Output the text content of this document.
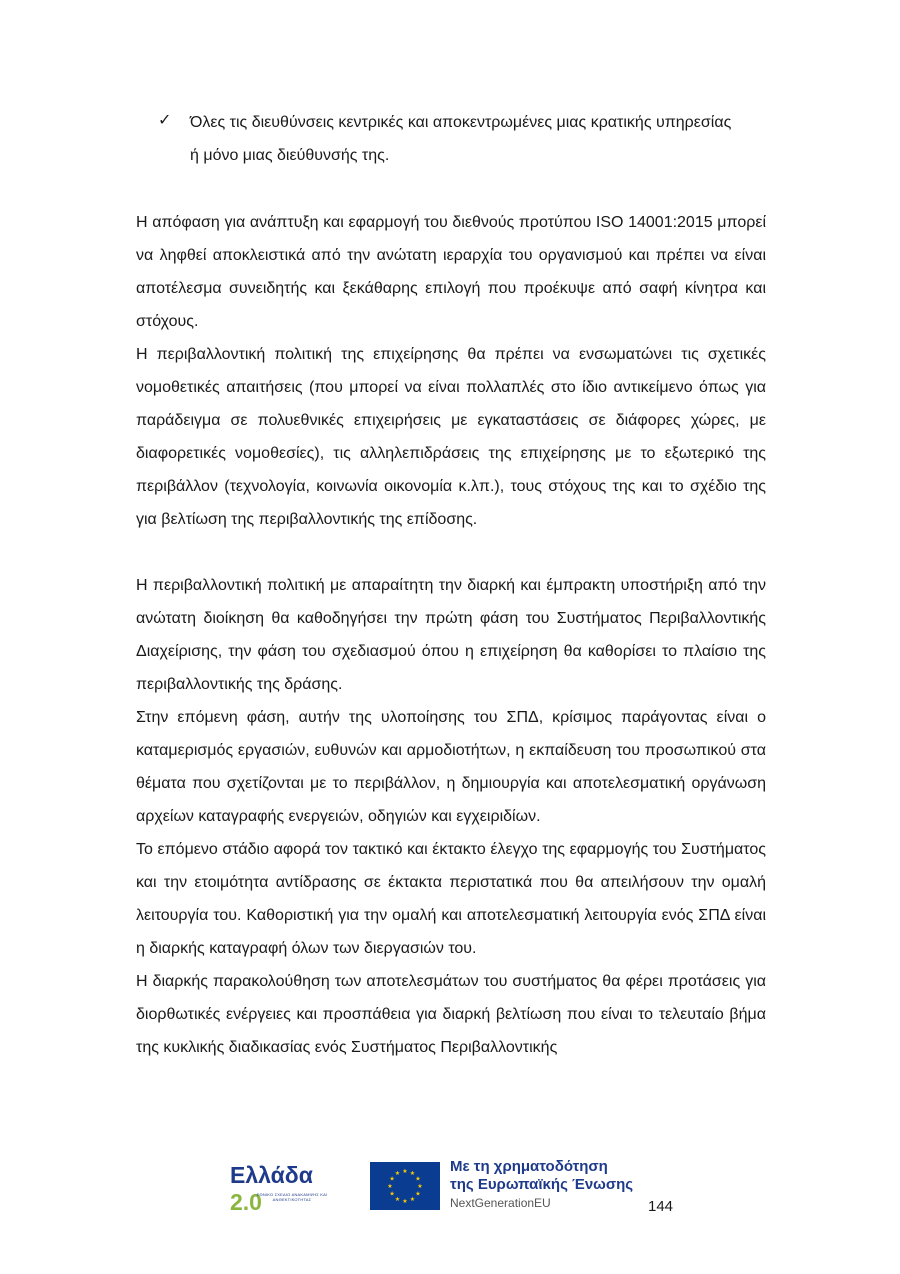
✓ Όλες τις διευθύνσεις κεντρικές και αποκεντρωμένες μιας κρατικής υπηρεσίας
ή μόνο μιας διεύθυνσής της.

Η απόφαση για ανάπτυξη και εφαρμογή του διεθνούς προτύπου ISO 14001:2015 μπορεί να ληφθεί αποκλειστικά από την ανώτατη ιεραρχία του οργανισμού και πρέπει να είναι αποτέλεσμα συνειδητής και ξεκάθαρης επιλογή που προέκυψε από σαφή κίνητρα και στόχους.

Η περιβαλλοντική πολιτική της επιχείρησης θα πρέπει να ενσωματώνει τις σχετικές νομοθετικές απαιτήσεις (που μπορεί να είναι πολλαπλές στο ίδιο αντικείμενο όπως για παράδειγμα σε πολυεθνικές επιχειρήσεις με εγκαταστάσεις σε διάφορες χώρες, με διαφορετικές νομοθεσίες), τις αλληλεπιδράσεις της επιχείρησης με το εξωτερικό της περιβάλλον (τεχνολογία, κοινωνία οικονομία κ.λπ.), τους στόχους της και το σχέδιο της για βελτίωση της περιβαλλοντικής της επίδοσης.

Η περιβαλλοντική πολιτική με απαραίτητη την διαρκή και έμπρακτη υποστήριξη από την ανώτατη διοίκηση θα καθοδηγήσει την πρώτη φάση του Συστήματος Περιβαλλοντικής Διαχείρισης, την φάση του σχεδιασμού όπου η επιχείρηση θα καθορίσει το πλαίσιο της περιβαλλοντικής της δράσης.

Στην επόμενη φάση, αυτήν της υλοποίησης του ΣΠΔ, κρίσιμος παράγοντας είναι ο καταμερισμός εργασιών, ευθυνών και αρμοδιοτήτων, η εκπαίδευση του προσωπικού στα θέματα που σχετίζονται με το περιβάλλον, η δημιουργία και αποτελεσματική οργάνωση αρχείων καταγραφής ενεργειών, οδηγιών και εγχειριδίων.

Το επόμενο στάδιο αφορά τον τακτικό και έκτακτο έλεγχο της εφαρμογής του Συστήματος και την ετοιμότητα αντίδρασης σε έκτακτα περιστατικά που θα απειλήσουν την ομαλή λειτουργία του. Καθοριστική για την ομαλή και αποτελεσματική λειτουργία ενός ΣΠΔ είναι η διαρκής καταγραφή όλων των διεργασιών του.

Η διαρκής παρακολούθηση των αποτελεσμάτων του συστήματος θα φέρει προτάσεις για διορθωτικές ενέργειες και προσπάθεια για διαρκή βελτίωση που είναι το τελευταίο βήμα της κυκλικής διαδικασίας ενός Συστήματος Περιβαλλοντικής

Ελλάδα 2.0
ΕΘΝΙΚΟ ΣΧΕΔΙΟ ΑΝΑΚΑΜΨΗΣ ΚΑΙ ΑΝΘΕΚΤΙΚΟΤΗΤΑΣ
★ ★
★
★
★
★
★
★
★
★
★
★	Με τη χρηματοδότηση
της Ευρωπαϊκής Ένωσης
NextGenerationEU	144
